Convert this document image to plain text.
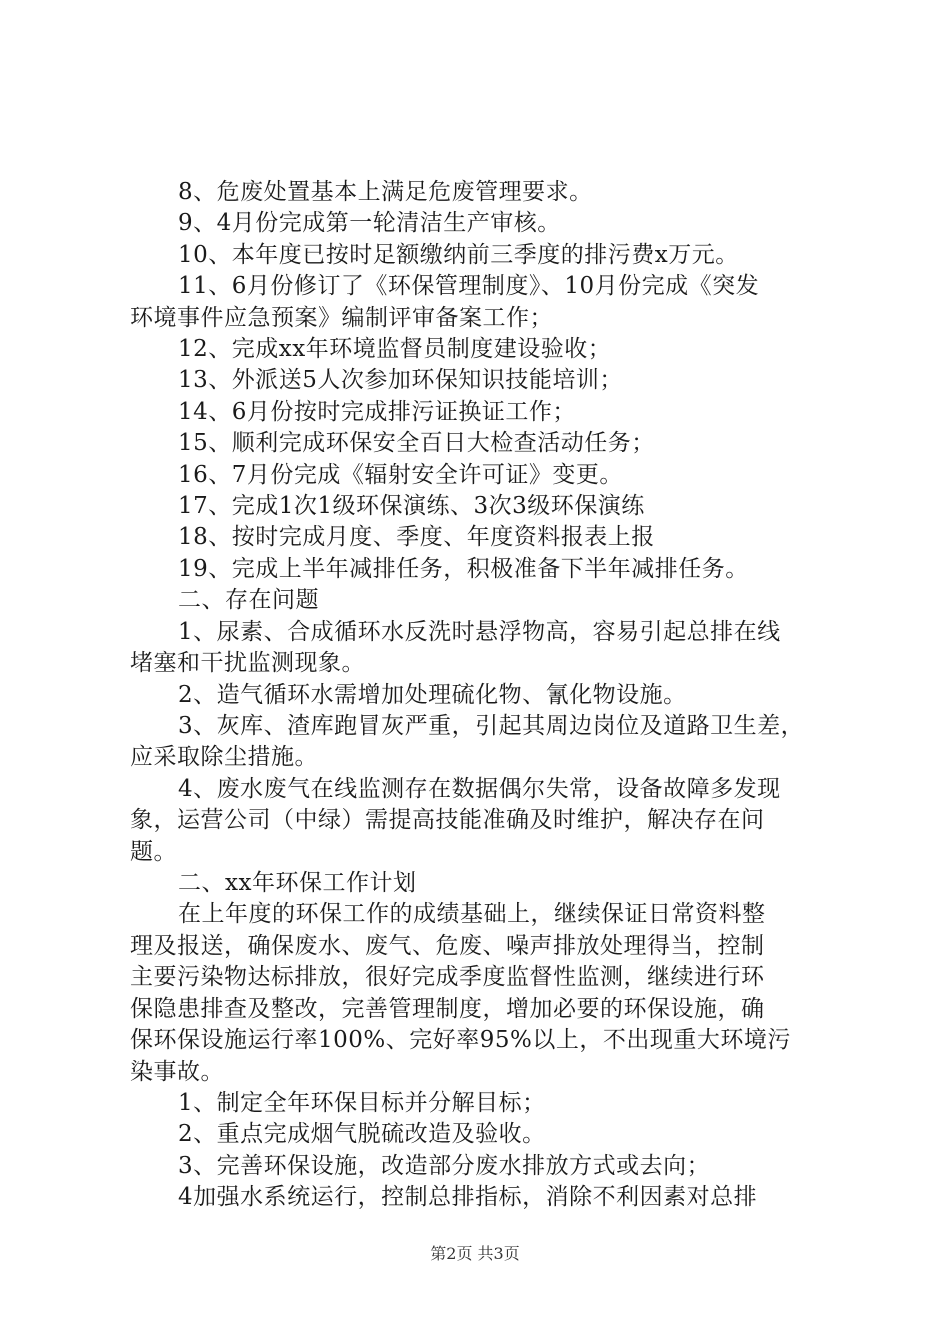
8、危废处置基本上满足危废管理要求。
9、4月份完成第一轮清洁生产审核。
10、本年度已按时足额缴纳前三季度的排污费x万元。
11、6月份修订了《环保管理制度》、10月份完成《突发
环境事件应急预案》编制评审备案工作；
12、完成xx年环境监督员制度建设验收；
13、外派送5人次参加环保知识技能培训；
14、6月份按时完成排污证换证工作；
15、顺利完成环保安全百日大检查活动任务；
16、7月份完成《辐射安全许可证》变更。
17、完成1次1级环保演练、3次3级环保演练
18、按时完成月度、季度、年度资料报表上报
19、完成上半年减排任务，积极准备下半年减排任务。
二、存在问题
1、尿素、合成循环水反洗时悬浮物高，容易引起总排在线
堵塞和干扰监测现象。
2、造气循环水需增加处理硫化物、氰化物设施。
3、灰库、渣库跑冒灰严重，引起其周边岗位及道路卫生差，
应采取除尘措施。
4、废水废气在线监测存在数据偶尔失常，设备故障多发现
象，运营公司（中绿）需提高技能准确及时维护，解决存在问
题。
二、xx年环保工作计划
在上年度的环保工作的成绩基础上，继续保证日常资料整
理及报送，确保废水、废气、危废、噪声排放处理得当，控制
主要污染物达标排放，很好完成季度监督性监测，继续进行环
保隐患排查及整改，完善管理制度，增加必要的环保设施，确
保环保设施运行率100%、完好率95%以上，不出现重大环境污
染事故。
1、制定全年环保目标并分解目标；
2、重点完成烟气脱硫改造及验收。
3、完善环保设施，改造部分废水排放方式或去向；
4加强水系统运行，控制总排指标，消除不利因素对总排
第2页 共3页
